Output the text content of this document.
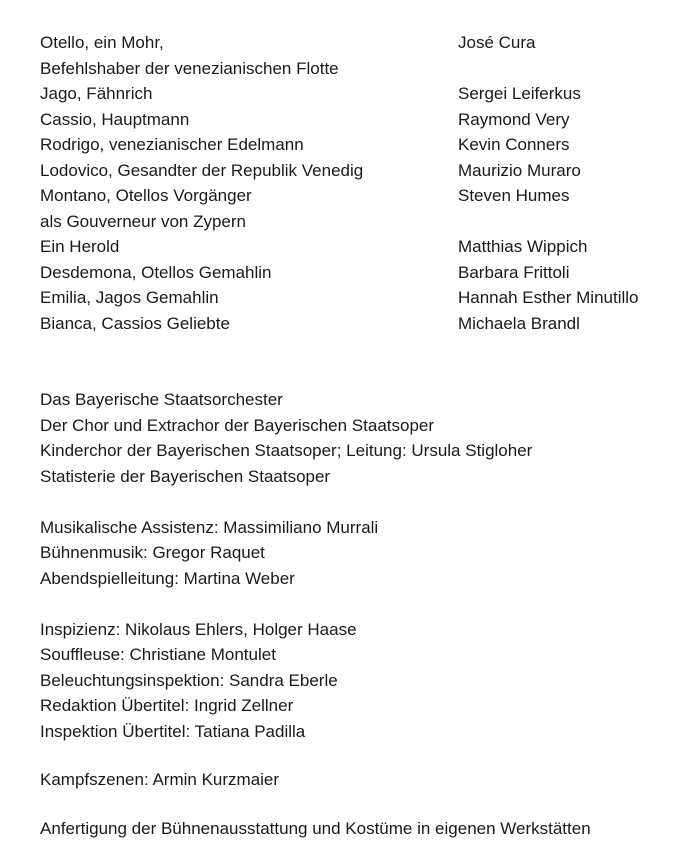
Otello, ein Mohr,	José Cura
Befehlshaber der venezianischen Flotte
Jago, Fähnrich	Sergei Leiferkus
Cassio, Hauptmann	Raymond Very
Rodrigo, venezianischer Edelmann	Kevin Conners
Lodovico, Gesandter der Republik Venedig	Maurizio Muraro
Montano, Otellos Vorgänger	Steven Humes
als Gouverneur von Zypern
Ein Herold	Matthias Wippich
Desdemona, Otellos Gemahlin	Barbara Frittoli
Emilia, Jagos Gemahlin	Hannah Esther Minutillo
Bianca, Cassios Geliebte	Michaela Brandl
Das Bayerische Staatsorchester
Der Chor und Extrachor der Bayerischen Staatsoper
Kinderchor der Bayerischen Staatsoper; Leitung: Ursula Stigloher
Statisterie der Bayerischen Staatsoper
Musikalische Assistenz: Massimiliano Murrali
Bühnenmusik: Gregor Raquet
Abendspielleitung: Martina Weber
Inspizienz: Nikolaus Ehlers, Holger Haase
Souffleuse: Christiane Montulet
Beleuchtungsinspektion: Sandra Eberle
Redaktion Übertitel: Ingrid Zellner
Inspektion Übertitel: Tatiana Padilla
Kampfszenen: Armin Kurzmaier
Anfertigung der Bühnenausstattung und Kostüme in eigenen Werkstätten
